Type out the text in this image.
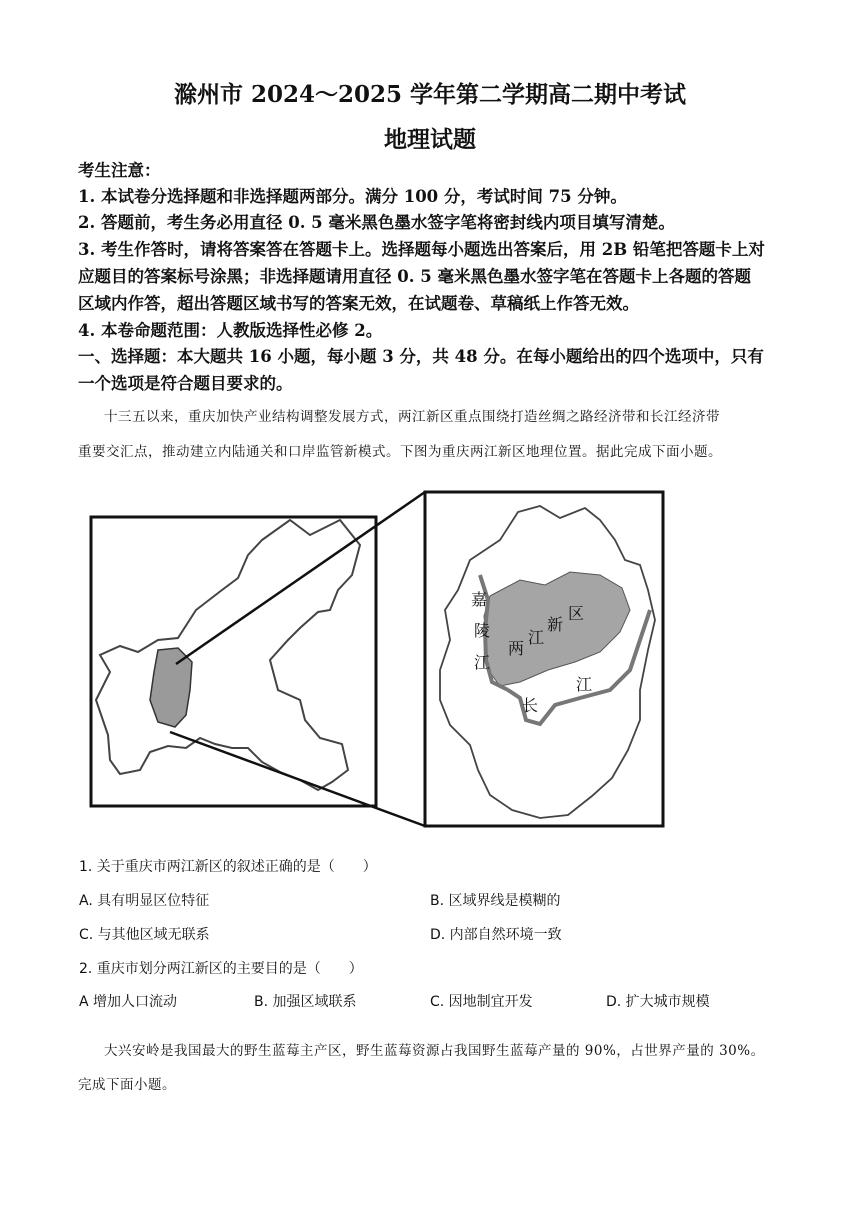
滁州市 2024～2025 学年第二学期高二期中考试
地理试题
考生注意：
1. 本试卷分选择题和非选择题两部分。满分 100 分，考试时间 75 分钟。
2. 答题前，考生务必用直径 0. 5 毫米黑色墨水签字笔将密封线内项目填写清楚。
3. 考生作答时，请将答案答在答题卡上。选择题每小题选出答案后，用 2B 铅笔把答题卡上对
应题目的答案标号涂黑；非选择题请用直径 0. 5 毫米黑色墨水签字笔在答题卡上各题的答题
区域内作答，超出答题区域书写的答案无效，在试题卷、草稿纸上作答无效。
4. 本卷命题范围：人教版选择性必修 2。
一、选择题：本大题共 16 小题，每小题 3 分，共 48 分。在每小题给出的四个选项中，只有
一个选项是符合题目要求的。
十三五以来，重庆加快产业结构调整发展方式，两江新区重点围绕打造丝绸之路经济带和长江经济带
重要交汇点，推动建立内陆通关和口岸监管新模式。下图为重庆两江新区地理位置。据此完成下面小题。
嘉
陵
江
两
江
新
区
长
江
1. 关于重庆市两江新区的叙述正确的是（　　）
A. 具有明显区位特征	B. 区域界线是模糊的
C. 与其他区域无联系	D. 内部自然环境一致
2. 重庆市划分两江新区的主要目的是（　　）
A 增加人口流动	B. 加强区域联系	C. 因地制宜开发	D. 扩大城市规模
大兴安岭是我国最大的野生蓝莓主产区，野生蓝莓资源占我国野生蓝莓产量的 90%，占世界产量的 30%。
完成下面小题。
